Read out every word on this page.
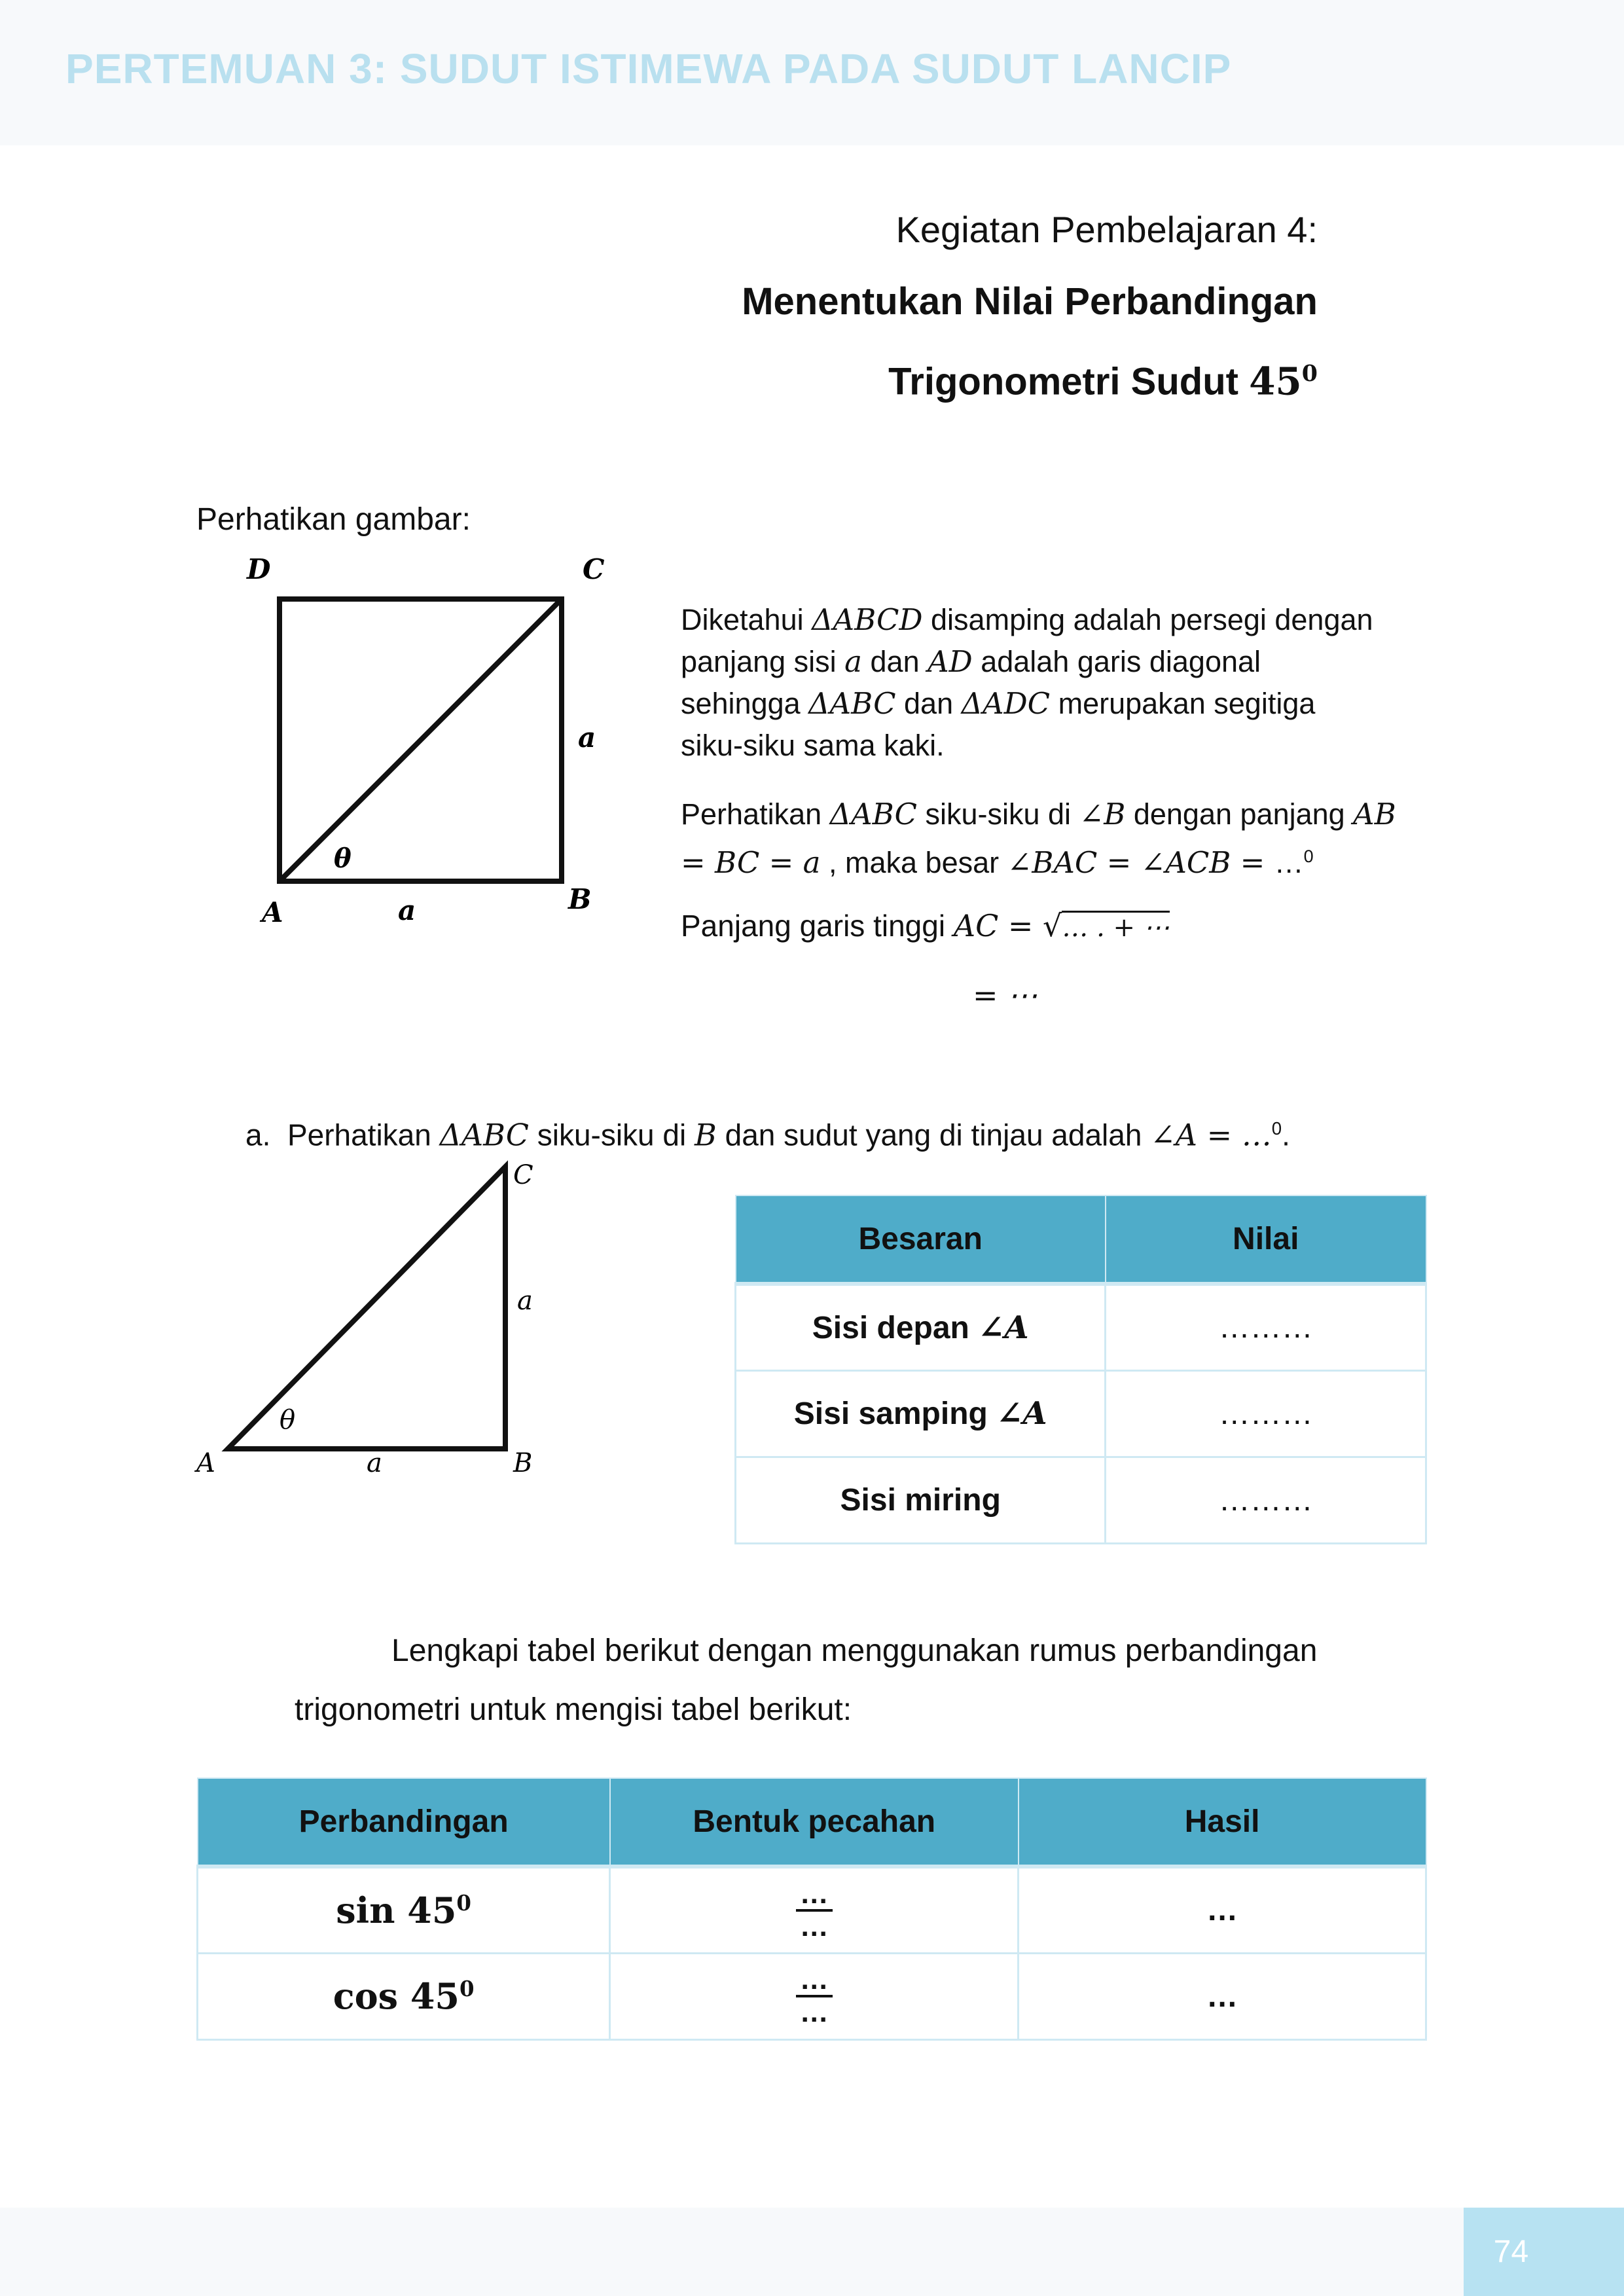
PERTEMUAN 3: SUDUT ISTIMEWA PADA SUDUT LANCIP
Kegiatan Pembelajaran 4:
Menentukan Nilai Perbandingan
Trigonometri Sudut $45^0$
Perhatikan gambar:
D	C
A	B
a
a
θ
Diketahui ΔABCD disamping adalah persegi dengan panjang sisi a dan AD adalah garis diagonal sehingga ΔABC dan ΔADC merupakan segitiga siku-siku sama kaki.
Perhatikan ΔABC siku-siku di ∠B dengan panjang AB = BC = a , maka besar ∠BAC = ∠ACB = …$^0$
Panjang garis tinggi AC = √… . + ⋯
= ⋯
a. Perhatikan ΔABC siku-siku di B dan sudut yang di tinjau adalah ∠A = …$^0$.
C
A	B
a
a
θ
Besaran	Nilai
Sisi depan ∠A	………
Sisi samping ∠A	………
Sisi miring	………
Lengkapi tabel berikut dengan menggunakan rumus perbandingan
trigonometri untuk mengisi tabel berikut:
Perbandingan	Bentuk pecahan	Hasil
$\sin 45^0$	$\frac{\dots}{\dots}$	…
$\cos 45^0$	$\frac{\dots}{\dots}$	…
74
